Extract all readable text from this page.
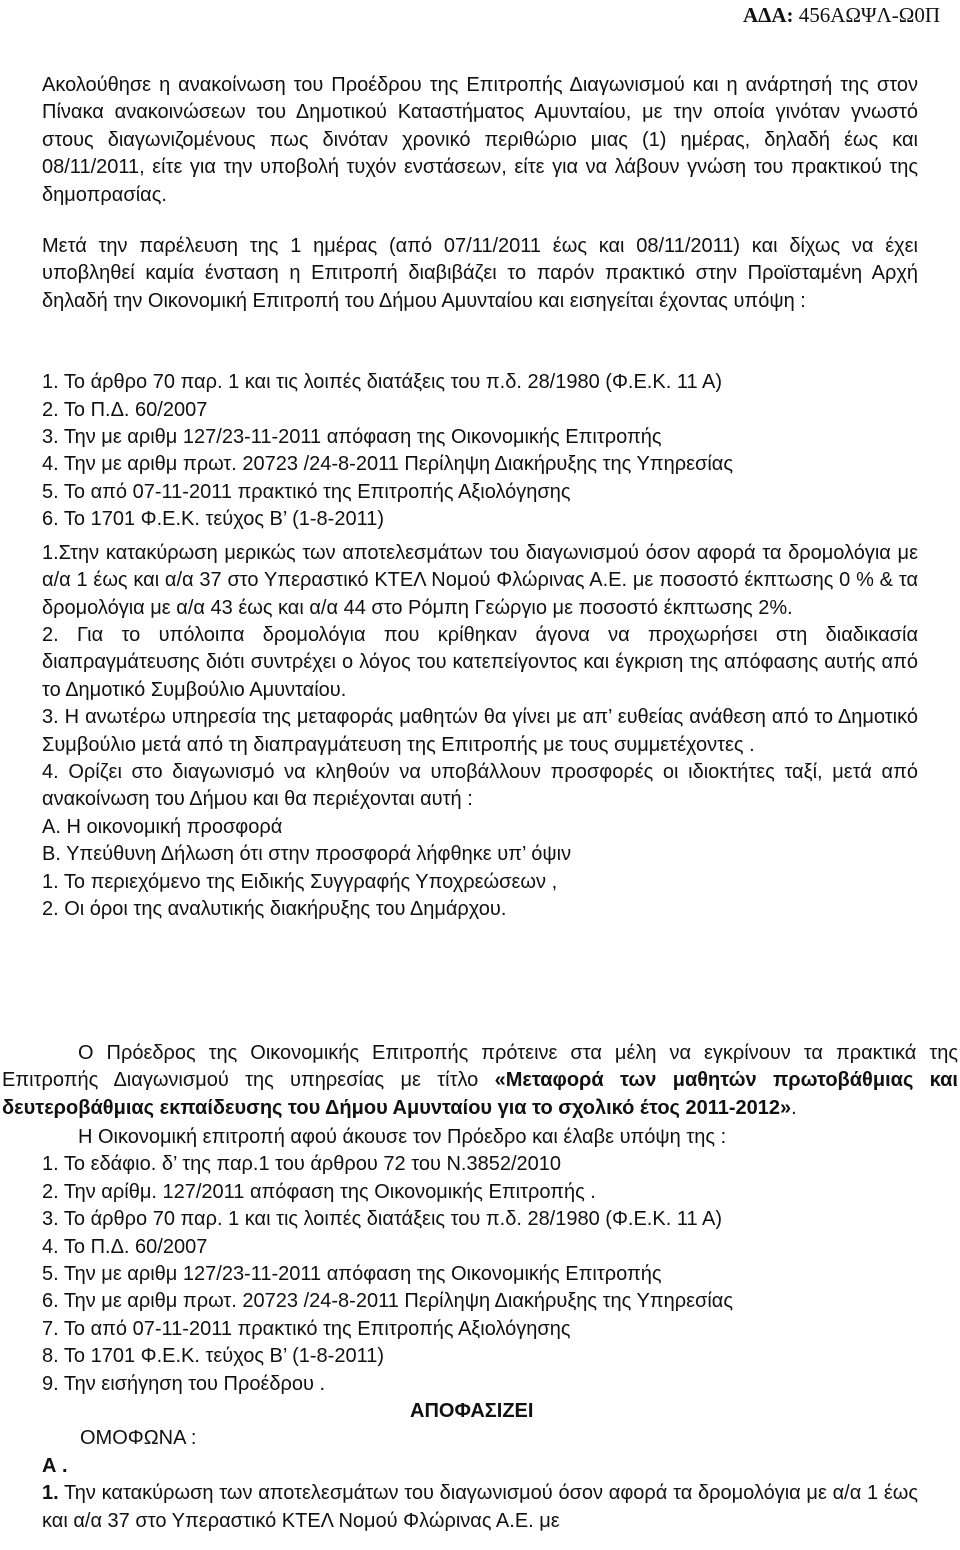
ΑΔΑ: 456ΑΩΨΛ-Ω0Π

Ακολούθησε η ανακοίνωση του Προέδρου της Επιτροπής Διαγωνισμού και η ανάρτησή της στον Πίνακα ανακοινώσεων του Δημοτικού Καταστήματος Αμυνταίου, με την οποία γινόταν γνωστό στους διαγωνιζομένους πως δινόταν χρονικό περιθώριο μιας (1) ημέρας, δηλαδή έως και 08/11/2011, είτε για την υποβολή τυχόν ενστάσεων, είτε για να λάβουν γνώση του πρακτικού της δημοπρασίας.

Μετά την παρέλευση της 1 ημέρας (από 07/11/2011 έως και 08/11/2011) και δίχως να έχει υποβληθεί καμία ένσταση η Επιτροπή διαβιβάζει το παρόν πρακτικό στην Προϊσταμένη Αρχή δηλαδή την Οικονομική Επιτροπή του Δήμου Αμυνταίου και εισηγείται έχοντας υπόψη :

1. Το άρθρο 70 παρ. 1 και τις λοιπές διατάξεις του π.δ. 28/1980 (Φ.Ε.Κ. 11 Α)
2. Το Π.Δ. 60/2007
3. Την με αριθμ 127/23-11-2011 απόφαση της Οικονομικής Επιτροπής
4. Την με αριθμ πρωτ. 20723 /24-8-2011 Περίληψη Διακήρυξης της Υπηρεσίας
5. Το από 07-11-2011 πρακτικό της Επιτροπής Αξιολόγησης
6. Το 1701 Φ.Ε.Κ. τεύχος Β’ (1-8-2011)

1.Στην κατακύρωση μερικώς των αποτελεσμάτων του διαγωνισμού όσον αφορά τα δρομολόγια με α/α 1 έως και α/α 37 στο Υπεραστικό ΚΤΕΛ Νομού Φλώρινας Α.Ε. με ποσοστό έκπτωσης 0 % & τα δρομολόγια με α/α 43 έως και α/α 44 στο Ρόμπη Γεώργιο με ποσοστό έκπτωσης 2%.

2. Για το υπόλοιπα δρομολόγια που κρίθηκαν άγονα να προχωρήσει στη διαδικασία διαπραγμάτευσης διότι συντρέχει ο λόγος του κατεπείγοντος και έγκριση της απόφασης αυτής από το Δημοτικό Συμβούλιο Αμυνταίου.

3. Η ανωτέρω υπηρεσία της μεταφοράς μαθητών θα γίνει με απ’ ευθείας ανάθεση από το Δημοτικό Συμβούλιο μετά από τη διαπραγμάτευση της Επιτροπής με τους συμμετέχοντες .

4. Ορίζει στο διαγωνισμό να κληθούν να υποβάλλουν προσφορές οι ιδιοκτήτες ταξί, μετά από ανακοίνωση του Δήμου και θα περιέχονται αυτή :

Α. Η οικονομική προσφορά
Β. Υπεύθυνη Δήλωση ότι στην προσφορά λήφθηκε υπ’ όψιν
1. Το περιεχόμενο της Ειδικής Συγγραφής Υποχρεώσεων ,
2. Οι όροι της αναλυτικής διακήρυξης του Δημάρχου.

Ο Πρόεδρος της Οικονομικής Επιτροπής πρότεινε στα μέλη να εγκρίνουν τα πρακτικά της Επιτροπής Διαγωνισμού της υπηρεσίας με τίτλο «Μεταφορά των μαθητών πρωτοβάθμιας και δευτεροβάθμιας εκπαίδευσης του Δήμου Αμυνταίου για το σχολικό έτος 2011-2012».

Η Οικονομική επιτροπή αφού άκουσε τον Πρόεδρο και έλαβε υπόψη της :
1. Το εδάφιο. δ’ της παρ.1 του άρθρου 72 του Ν.3852/2010
2. Την αρίθμ. 127/2011 απόφαση της Οικονομικής Επιτροπής .
3. Το άρθρο 70 παρ. 1 και τις λοιπές διατάξεις του π.δ. 28/1980 (Φ.Ε.Κ. 11 Α)
4. Το Π.Δ. 60/2007
5. Την με αριθμ 127/23-11-2011 απόφαση της Οικονομικής Επιτροπής
6. Την με αριθμ πρωτ. 20723 /24-8-2011 Περίληψη Διακήρυξης της Υπηρεσίας
7. Το από 07-11-2011 πρακτικό της Επιτροπής Αξιολόγησης
8. Το 1701 Φ.Ε.Κ. τεύχος Β’ (1-8-2011)
9. Την εισήγηση του Προέδρου .
ΑΠΟΦΑΣΙΖΕΙ
ΟΜΟΦΩΝΑ :
Α .

1. Την κατακύρωση των αποτελεσμάτων του διαγωνισμού όσον αφορά τα δρομολόγια με α/α 1 έως και α/α 37 στο Υπεραστικό ΚΤΕΛ Νομού Φλώρινας Α.Ε. με
